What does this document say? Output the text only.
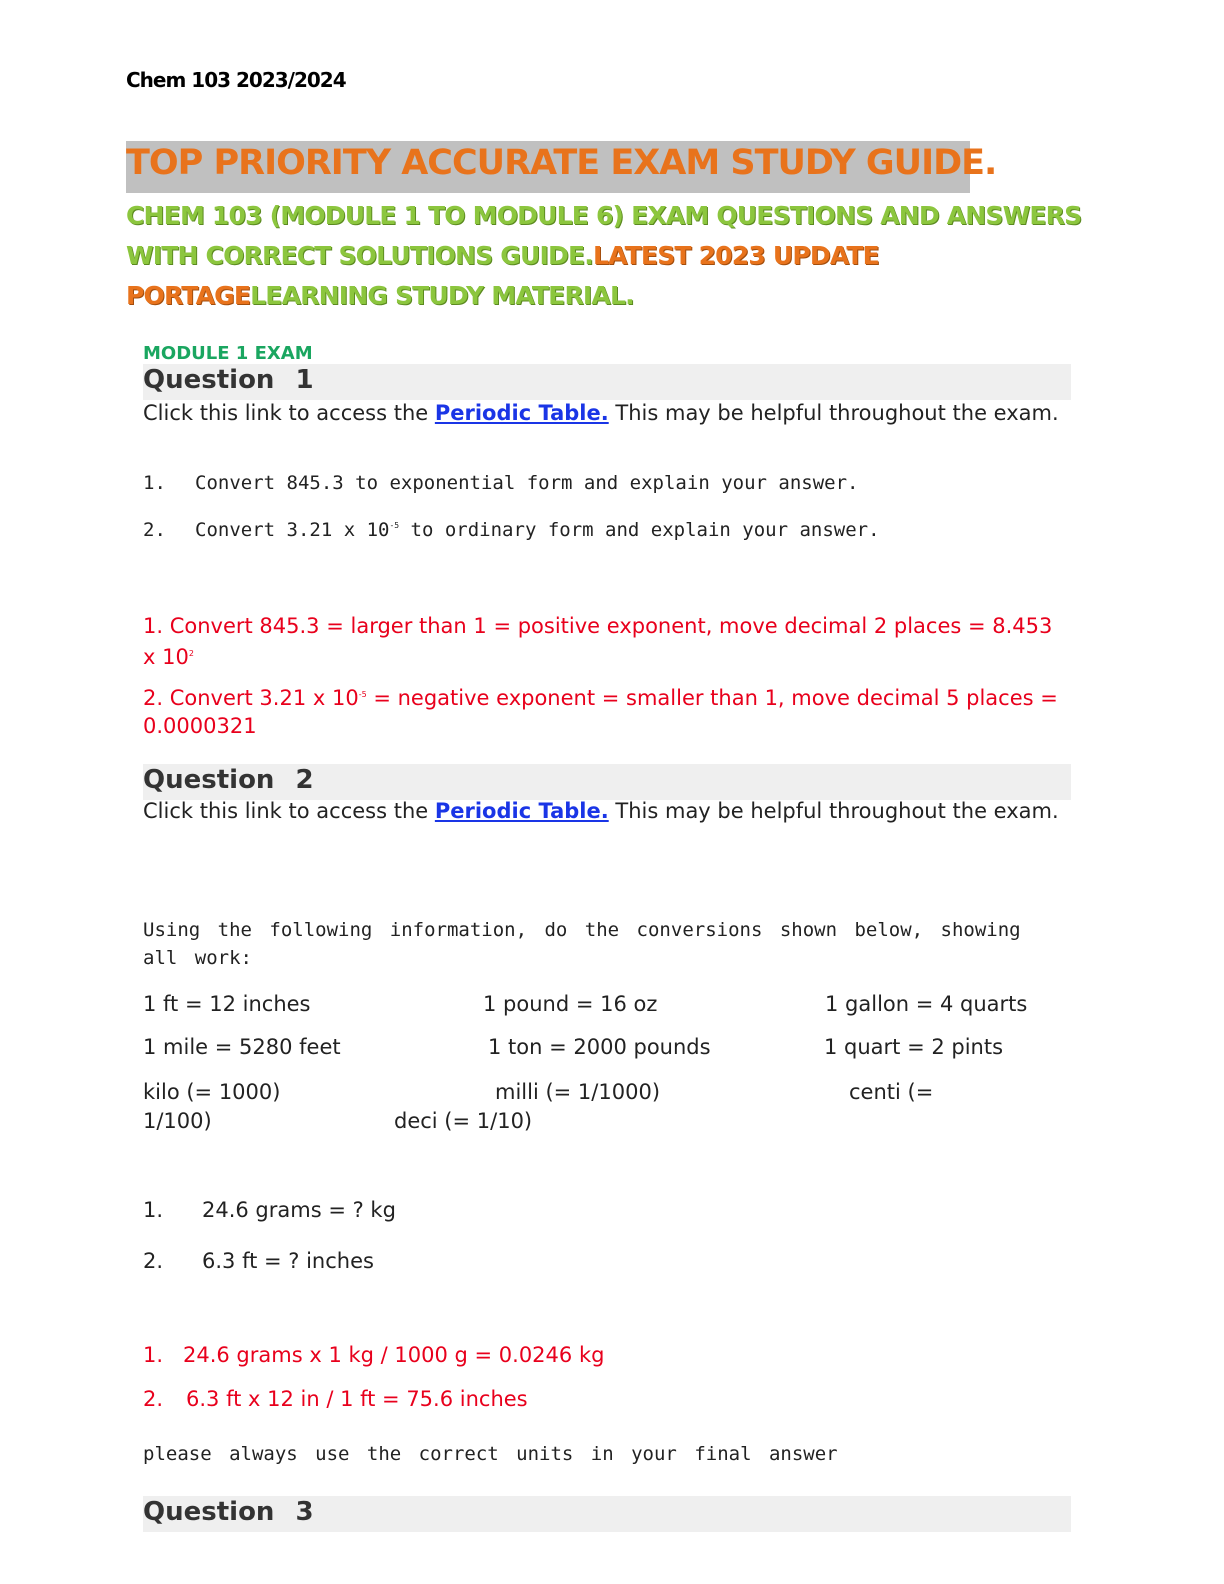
Chem 103 2023/2024
TOP PRIORITY ACCURATE EXAM STUDY GUIDE.
CHEM 103 (MODULE 1 TO MODULE 6) EXAM QUESTIONS AND ANSWERS WITH CORRECT SOLUTIONS GUIDE.LATEST 2023 UPDATE PORTAGELEARNING STUDY MATERIAL.
MODULE 1 EXAM
Question 1
Click this link to access the Periodic Table. This may be helpful throughout the exam.
1. Convert 845.3 to exponential form and explain your answer.
2. Convert 3.21 x $10^{-5}$ to ordinary form and explain your answer.
1. Convert 845.3 = larger than 1 = positive exponent, move decimal 2 places = 8.453 x $10^2$
2. Convert 3.21 x $10^{-5}$ = negative exponent = smaller than 1, move decimal 5 places = 0.0000321
Question 2
Click this link to access the Periodic Table. This may be helpful throughout the exam.
Using the following information, do the conversions shown below, showing all work:
1 ft = 12 inches	1 pound = 16 oz	1 gallon = 4 quarts
1 mile = 5280 feet	1 ton = 2000 pounds	1 quart = 2 pints
kilo (= 1000)	milli (= 1/1000)	centi (=
1/100)	deci (= 1/10)
1. 24.6 grams = ? kg
2. 6.3 ft = ? inches
1. 24.6 grams x 1 kg / 1000 g = 0.0246 kg
2. 6.3 ft x 12 in / 1 ft = 75.6 inches
please always use the correct units in your final answer
Question 3
